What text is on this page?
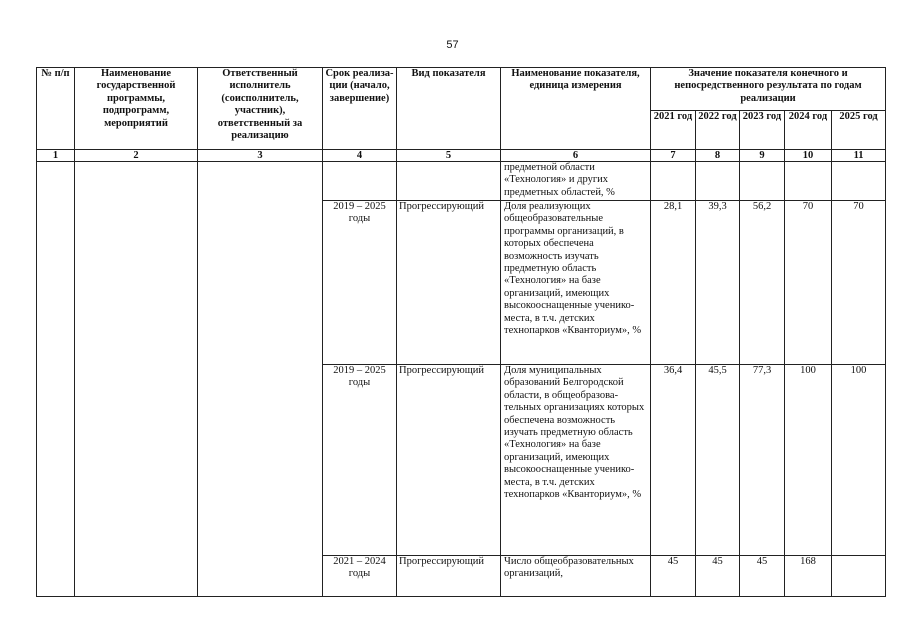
57
№ п/п	Наименование государственной программы, подпрограмм, мероприятий	Ответственный исполнитель (соисполнитель, участник), ответственный за реализацию	Срок реализа-ции (начало, завершение)	Вид показателя	Наименование показателя, единица измерения	Значение показателя конечного и непосредственного результата по годам реализации				
						2021 год	2022 год	2023 год	2024 год	2025 год
1	2	3	4	5	6	7	8	9	10	11
					предметной области «Технология» и других предметных областей, %					
			2019 – 2025 годы	Прогрессирующий	Доля реализующих общеобразовательные программы организаций, в которых обеспечена возможность изучать предметную область «Технология» на базе организаций, имеющих высокооснащенные ученико-места, в т.ч. детских технопарков «Кванториум», %	28,1	39,3	56,2	70	70
			2019 – 2025 годы	Прогрессирующий	Доля муниципальных образований Белгородской области, в общеобразова-тельных организациях которых обеспечена возможность изучать предметную область «Технология» на базе организаций, имеющих высокооснащенные ученико-места, в т.ч. детских технопарков «Кванториум», %	36,4	45,5	77,3	100	100
			2021 – 2024 годы	Прогрессирующий	Число общеобразовательных организаций,	45	45	45	168	
